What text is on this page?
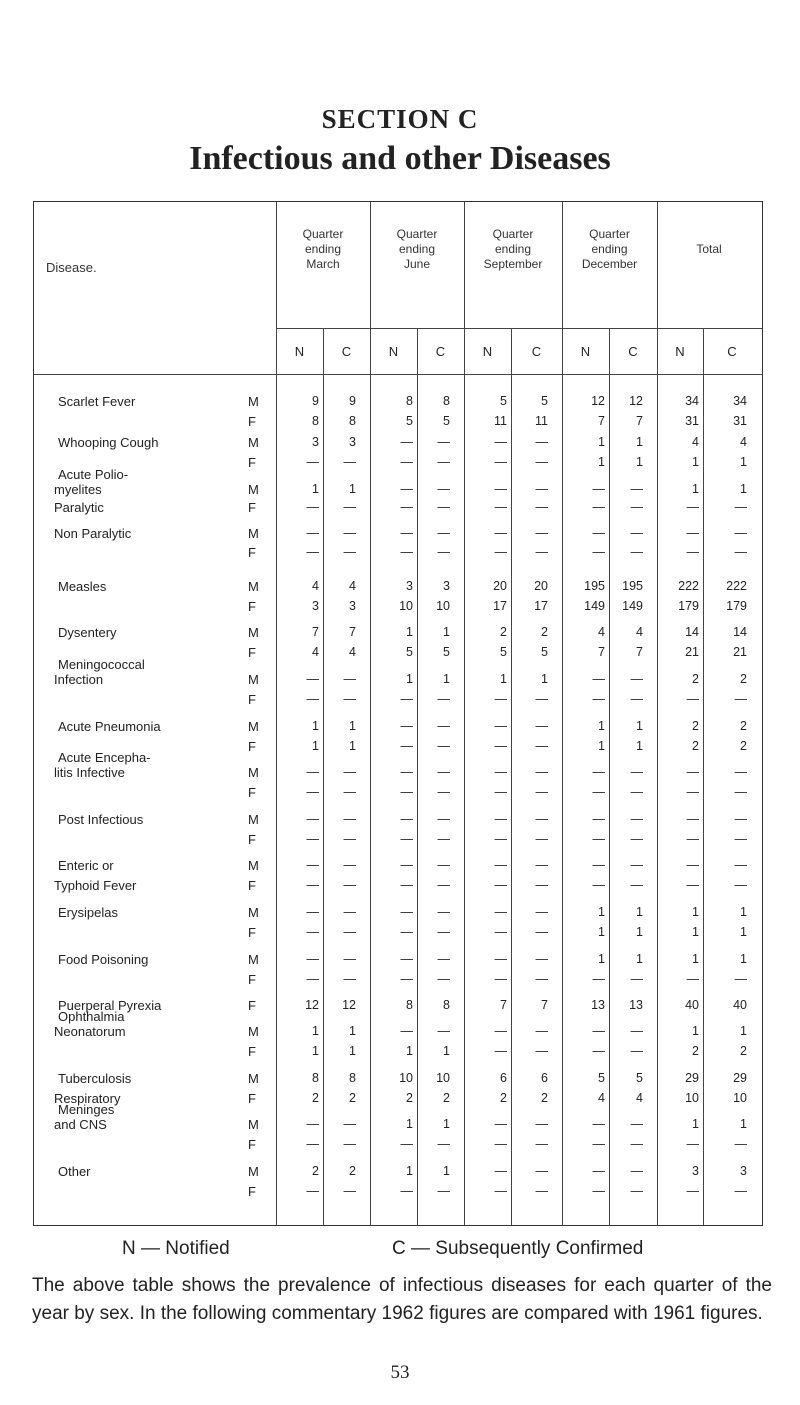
SECTION C
Infectious and other Diseases
Disease.
Quarter
ending
March
Quarter
ending
June
Quarter
ending
September
Quarter
ending
December
Total
N	C	N	C	N	C	N	C	N	C
Scarlet Fever	M	9	9	8	8	5	5	12	12	34	34
F	8	8	5	5	11	11	7	7	31	31
Whooping Cough	M	3	3	—	—	—	—	1	1	4	4
F	—	—	—	—	—	—	1	1	1	1
Acute Polio-
myelites	M	1	1	—	—	—	—	—	—	1	1
Paralytic	F	—	—	—	—	—	—	—	—	—	—
Non Paralytic	M	—	—	—	—	—	—	—	—	—	—
F	—	—	—	—	—	—	—	—	—	—
Measles	M	4	4	3	3	20	20	195	195	222	222
F	3	3	10	10	17	17	149	149	179	179
Dysentery	M	7	7	1	1	2	2	4	4	14	14
F	4	4	5	5	5	5	7	7	21	21
Meningococcal
Infection	M	—	—	1	1	1	1	—	—	2	2
F	—	—	—	—	—	—	—	—	—	—
Acute Pneumonia	M	1	1	—	—	—	—	1	1	2	2
F	1	1	—	—	—	—	1	1	2	2
Acute Encepha-
litis Infective	M	—	—	—	—	—	—	—	—	—	—
F	—	—	—	—	—	—	—	—	—	—
Post Infectious	M	—	—	—	—	—	—	—	—	—	—
F	—	—	—	—	—	—	—	—	—	—
Enteric or	M	—	—	—	—	—	—	—	—	—	—
Typhoid Fever	F	—	—	—	—	—	—	—	—	—	—
Erysipelas	M	—	—	—	—	—	—	1	1	1	1
F	—	—	—	—	—	—	1	1	1	1
Food Poisoning	M	—	—	—	—	—	—	1	1	1	1
F	—	—	—	—	—	—	—	—	—	—
Puerperal Pyrexia	F	12	12	8	8	7	7	13	13	40	40
Ophthalmia
Neonatorum	M	1	1	—	—	—	—	—	—	1	1
F	1	1	1	1	—	—	—	—	2	2
Tuberculosis	M	8	8	10	10	6	6	5	5	29	29
Respiratory	F	2	2	2	2	2	2	4	4	10	10
Meninges
and CNS	M	—	—	1	1	—	—	—	—	1	1
F	—	—	—	—	—	—	—	—	—	—
Other	M	2	2	1	1	—	—	—	—	3	3
F	—	—	—	—	—	—	—	—	—	—
N — Notified	C — Subsequently Confirmed
The above table shows the prevalence of infectious diseases for each quarter of the year by sex. In the following commentary 1962 figures are compared with 1961 figures.
53
